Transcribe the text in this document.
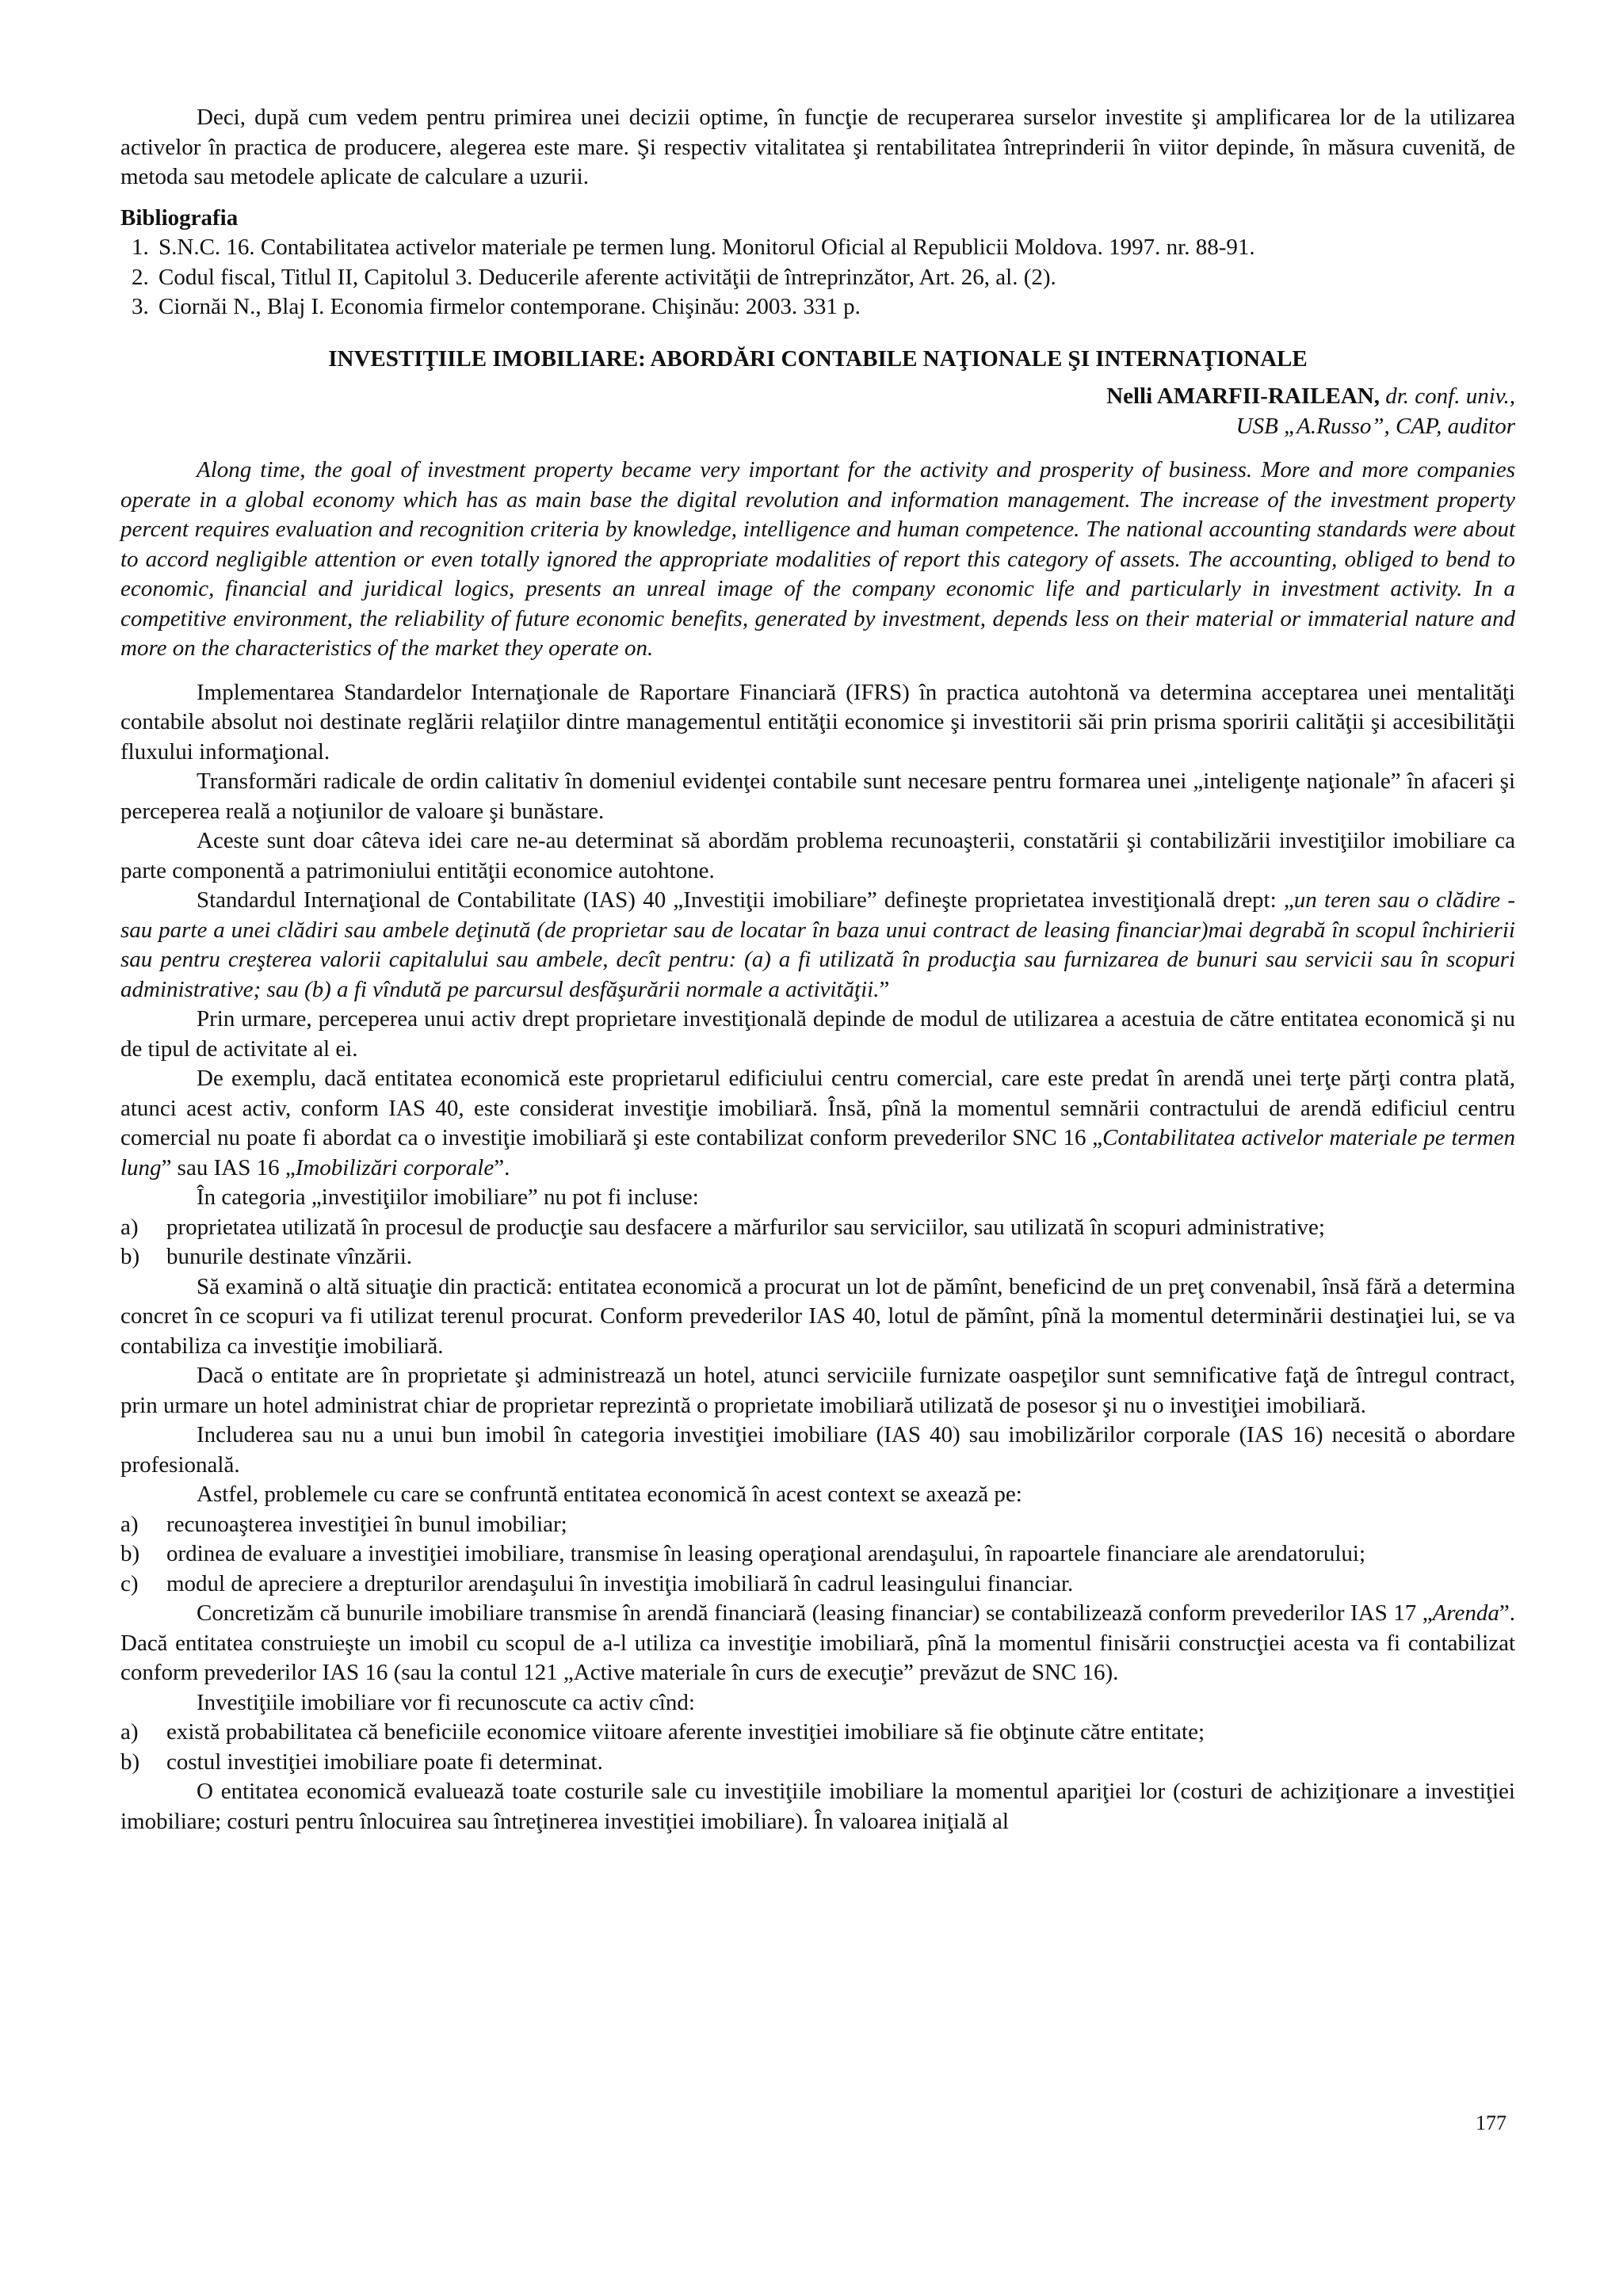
Deci, după cum vedem pentru primirea unei decizii optime, în funcţie de recuperarea surselor investite şi amplificarea lor de la utilizarea activelor în practica de producere, alegerea este mare. Şi respectiv vitalitatea şi rentabilitatea întreprinderii în viitor depinde, în măsura cuvenită, de metoda sau metodele aplicate de calculare a uzurii.

Bibliografia
1. S.N.C. 16. Contabilitatea activelor materiale pe termen lung. Monitorul Oficial al Republicii Moldova. 1997. nr. 88-91.
2. Codul fiscal, Titlul II, Capitolul 3. Deducerile aferente activităţii de întreprinzător, Art. 26, al. (2).
3. Ciornăi N., Blaj I. Economia firmelor contemporane. Chişinău: 2003. 331 p.
INVESTIŢIILE IMOBILIARE: ABORDĂRI CONTABILE NAŢIONALE ŞI INTERNAŢIONALE
Nelli AMARFII-RAILEAN, dr. conf. univ.,
USB „A.Russo”, CAP, auditor

Along time, the goal of investment property became very important for the activity and prosperity of business. More and more companies operate in a global economy which has as main base the digital revolution and information management. The increase of the investment property percent requires evaluation and recognition criteria by knowledge, intelligence and human competence. The national accounting standards were about to accord negligible attention or even totally ignored the appropriate modalities of report this category of assets. The accounting, obliged to bend to economic, financial and juridical logics, presents an unreal image of the company economic life and particularly in investment activity. In a competitive environment, the reliability of future economic benefits, generated by investment, depends less on their material or immaterial nature and more on the characteristics of the market they operate on.

Implementarea Standardelor Internaţionale de Raportare Financiară (IFRS) în practica autohtonă va determina acceptarea unei mentalităţi contabile absolut noi destinate reglării relaţiilor dintre managementul entităţii economice şi investitorii săi prin prisma sporirii calităţii şi accesibilităţii fluxului informaţional.

Transformări radicale de ordin calitativ în domeniul evidenţei contabile sunt necesare pentru formarea unei „inteligenţe naţionale” în afaceri şi perceperea reală a noţiunilor de valoare şi bunăstare.

Aceste sunt doar câteva idei care ne-au determinat să abordăm problema recunoaşterii, constatării şi contabilizării investiţiilor imobiliare ca parte componentă a patrimoniului entităţii economice autohtone.

Standardul Internaţional de Contabilitate (IAS) 40 „Investiţii imobiliare” defineşte proprietatea investiţională drept: „un teren sau o clădire - sau parte a unei clădiri sau ambele deţinută (de proprietar sau de locatar în baza unui contract de leasing financiar)mai degrabă în scopul închirierii sau pentru creşterea valorii capitalului sau ambele, decît pentru: (a) a fi utilizată în producţia sau furnizarea de bunuri sau servicii sau în scopuri administrative; sau (b) a fi vîndută pe parcursul desfăşurării normale a activităţii.”

Prin urmare, perceperea unui activ drept proprietare investiţională depinde de modul de utilizarea a acestuia de către entitatea economică şi nu de tipul de activitate al ei.

De exemplu, dacă entitatea economică este proprietarul edificiului centru comercial, care este predat în arendă unei terţe părţi contra plată, atunci acest activ, conform IAS 40, este considerat investiţie imobiliară. Însă, pînă la momentul semnării contractului de arendă edificiul centru comercial nu poate fi abordat ca o investiţie imobiliară şi este contabilizat conform prevederilor SNC 16 „Contabilitatea activelor materiale pe termen lung” sau IAS 16 „Imobilizări corporale”.

În categoria „investiţiilor imobiliare” nu pot fi incluse:

a) proprietatea utilizată în procesul de producţie sau desfacere a mărfurilor sau serviciilor, sau utilizată în scopuri administrative;
b) bunurile destinate vînzării.

Să examină o altă situaţie din practică: entitatea economică a procurat un lot de pămînt, beneficind de un preţ convenabil, însă fără a determina concret în ce scopuri va fi utilizat terenul procurat. Conform prevederilor IAS 40, lotul de pămînt, pînă la momentul determinării destinaţiei lui, se va contabiliza ca investiţie imobiliară.

Dacă o entitate are în proprietate şi administrează un hotel, atunci serviciile furnizate oaspeţilor sunt semnificative faţă de întregul contract, prin urmare un hotel administrat chiar de proprietar reprezintă o proprietate imobiliară utilizată de posesor şi nu o investiţiei imobiliară.

Includerea sau nu a unui bun imobil în categoria investiţiei imobiliare (IAS 40) sau imobilizărilor corporale (IAS 16) necesită o abordare profesională.

Astfel, problemele cu care se confruntă entitatea economică în acest context se axează pe:

a) recunoaşterea investiţiei în bunul imobiliar;
b) ordinea de evaluare a investiţiei imobiliare, transmise în leasing operaţional arendaşului, în rapoartele financiare ale arendatorului;
c) modul de apreciere a drepturilor arendaşului în investiţia imobiliară în cadrul leasingului financiar.

Concretizăm că bunurile imobiliare transmise în arendă financiară (leasing financiar) se contabilizează conform prevederilor IAS 17 „Arenda”. Dacă entitatea construieşte un imobil cu scopul de a-l utiliza ca investiţie imobiliară, pînă la momentul finisării construcţiei acesta va fi contabilizat conform prevederilor IAS 16 (sau la contul 121 „Active materiale în curs de execuţie” prevăzut de SNC 16).

Investiţiile imobiliare vor fi recunoscute ca activ cînd:

a) există probabilitatea că beneficiile economice viitoare aferente investiţiei imobiliare să fie obţinute către entitate;
b) costul investiţiei imobiliare poate fi determinat.

O entitatea economică evaluează toate costurile sale cu investiţiile imobiliare la momentul apariţiei lor (costuri de achiziţionare a investiţiei imobiliare; costuri pentru înlocuirea sau întreţinerea investiţiei imobiliare). În valoarea iniţială al

177
